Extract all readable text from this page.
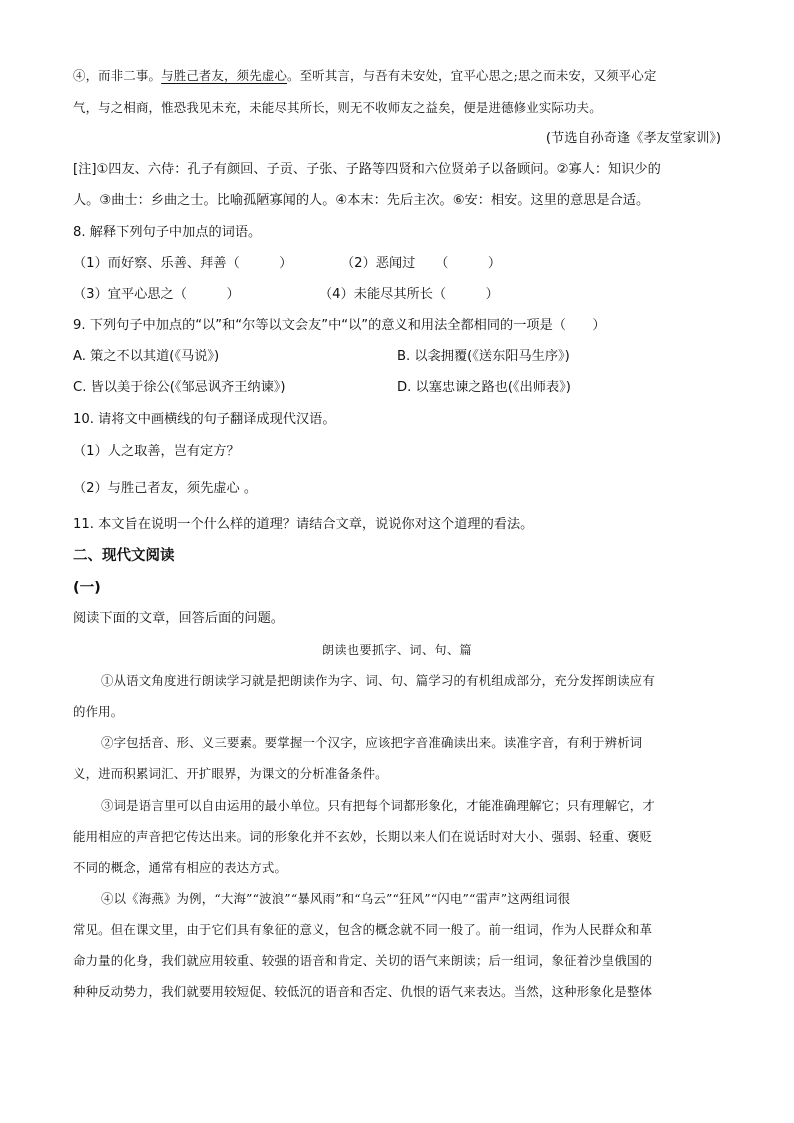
④，而非二事。与胜己者友，须先虚心。至听其言，与吾有未安处，宜平心思之;思之而未安，又须平心定
气，与之相商，惟恐我见未充，未能尽其所长，则无不收师友之益矣，便是进德修业实际功夫。
(节选自孙奇逢《孝友堂家训》)
[注]①四友、六侍：孔子有颜回、子贡、子张、子路等四贤和六位贤弟子以备顾问。②寡人：知识少的
人。③曲士：乡曲之士。比喻孤陋寡闻的人。④本末：先后主次。⑥安：相安。这里的意思是合适。
8. 解释下列句子中加点的词语。
（1）而好察、乐善、拜善（　　　）	（2）恶闻过　　（　　　）
（3）宜平心思之（　　　）	（4）未能尽其所长（　　　）
9. 下列句子中加点的“以”和“尔等以文会友”中“以”的意义和用法全都相同的一项是（　　）
A. 策之不以其道(《马说》)	B. 以衾拥覆(《送东阳马生序》)
C. 皆以美于徐公(《邹忌讽齐王纳谏》)	D. 以塞忠谏之路也(《出师表》)
10. 请将文中画横线的句子翻译成现代汉语。
（1）人之取善，岂有定方？
（2）与胜己者友，须先虚心 。
11. 本文旨在说明一个什么样的道理？请结合文章，说说你对这个道理的看法。
二、现代文阅读
(一)
阅读下面的文章，回答后面的问题。
朗读也要抓字、词、句、篇
①从语文角度进行朗读学习就是把朗读作为字、词、句、篇学习的有机组成部分，充分发挥朗读应有
的作用。
②字包括音、形、义三要素。要掌握一个汉字，应该把字音准确读出来。读准字音，有利于辨析词
义，进而积累词汇、开扩眼界，为课文的分析准备条件。
③词是语言里可以自由运用的最小单位。只有把每个词都形象化，才能准确理解它；只有理解它，才
能用相应的声音把它传达出来。词的形象化并不玄妙，长期以来人们在说话时对大小、强弱、轻重、褒贬
不同的概念，通常有相应的表达方式。
④以《海燕》为例，“大海”“波浪”“暴风雨”和“乌云”“狂风”“闪电”“雷声”这两组词很
常见。但在课文里，由于它们具有象征的意义，包含的概念就不同一般了。前一组词，作为人民群众和革
命力量的化身，我们就应用较重、较强的语音和肯定、关切的语气来朗读；后一组词，象征着沙皇俄国的
种种反动势力，我们就要用较短促、较低沉的语音和否定、仇恨的语气来表达。当然，这种形象化是整体
